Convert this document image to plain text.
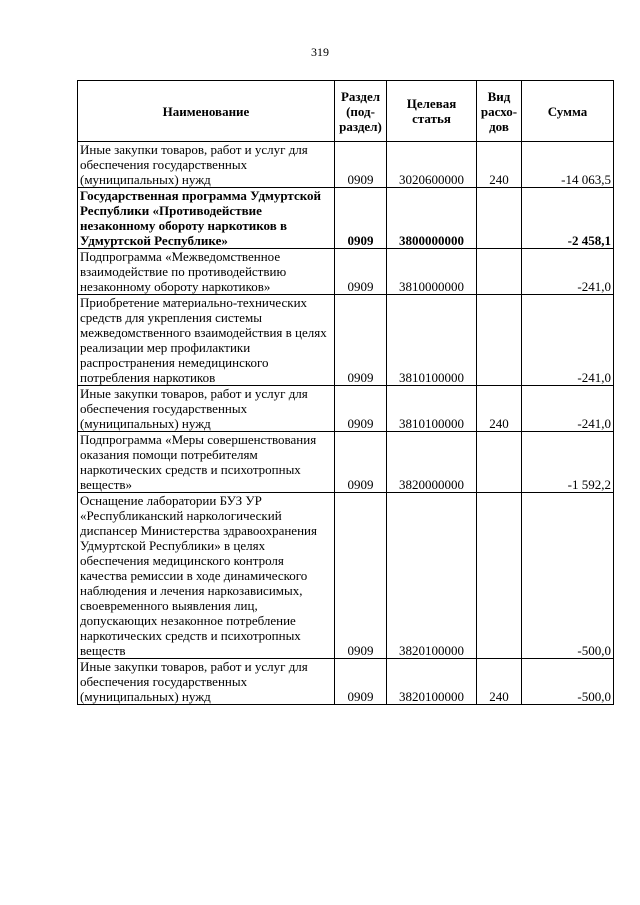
319
Наименование	Раздел (под-раздел)	Целевая статья	Вид расхо-дов	Сумма
Иные закупки товаров, работ и услуг для обеспечения государственных (муниципальных) нужд	0909	3020600000	240	-14 063,5
Государственная программа Удмуртской Республики «Противодействие незаконному обороту наркотиков в Удмуртской Республике»	0909	3800000000		-2 458,1
Подпрограмма «Межведомственное взаимодействие по противодействию незаконному обороту наркотиков»	0909	3810000000		-241,0
Приобретение материально-технических средств для укрепления системы межведомственного взаимодействия в целях реализации мер профилактики распространения немедицинского потребления наркотиков	0909	3810100000		-241,0
Иные закупки товаров, работ и услуг для обеспечения государственных (муниципальных) нужд	0909	3810100000	240	-241,0
Подпрограмма «Меры совершенствования оказания помощи потребителям наркотических средств и психотропных веществ»	0909	3820000000		-1 592,2
Оснащение лаборатории БУЗ УР «Республиканский наркологический диспансер Министерства здравоохранения Удмуртской Республики» в целях обеспечения медицинского контроля качества ремиссии в ходе динамического наблюдения и лечения наркозависимых, своевременного выявления лиц, допускающих незаконное потребление наркотических средств и психотропных веществ	0909	3820100000		-500,0
Иные закупки товаров, работ и услуг для обеспечения государственных (муниципальных) нужд	0909	3820100000	240	-500,0
